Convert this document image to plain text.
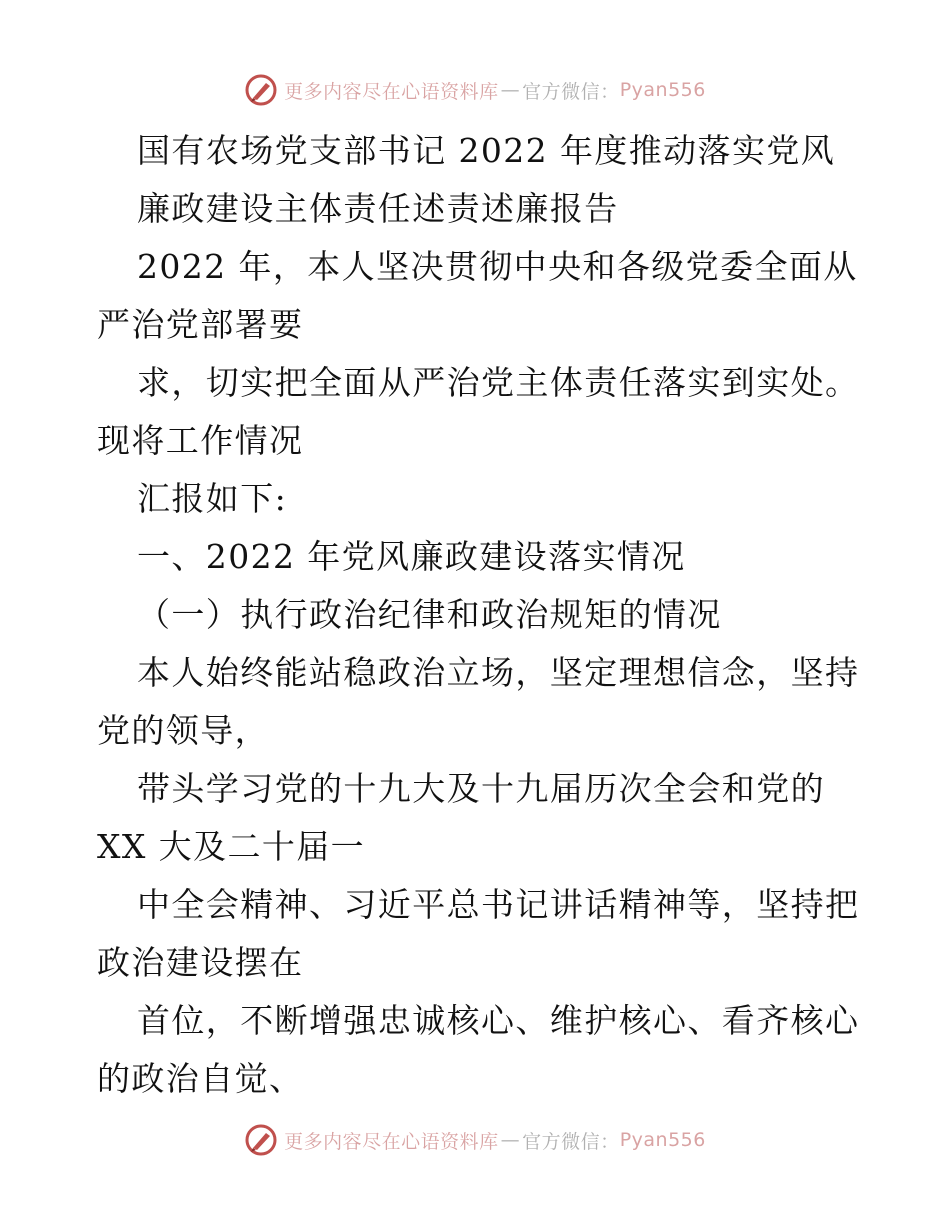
更多内容尽在心语资料库 — 官方微信： Pyan556
国有农场党支部书记 2022 年度推动落实党风
廉政建设主体责任述责述廉报告
2022 年，本人坚决贯彻中央和各级党委全面从
严治党部署要
求，切实把全面从严治党主体责任落实到实处。
现将工作情况
汇报如下:
一、2022 年党风廉政建设落实情况
（一）执行政治纪律和政治规矩的情况
本人始终能站稳政治立场，坚定理想信念，坚持
党的领导，
带头学习党的十九大及十九届历次全会和党的
XX 大及二十届一
中全会精神、习近平总书记讲话精神等，坚持把
政治建设摆在
首位，不断增强忠诚核心、维护核心、看齐核心
的政治自觉、
更多内容尽在心语资料库 — 官方微信： Pyan556
